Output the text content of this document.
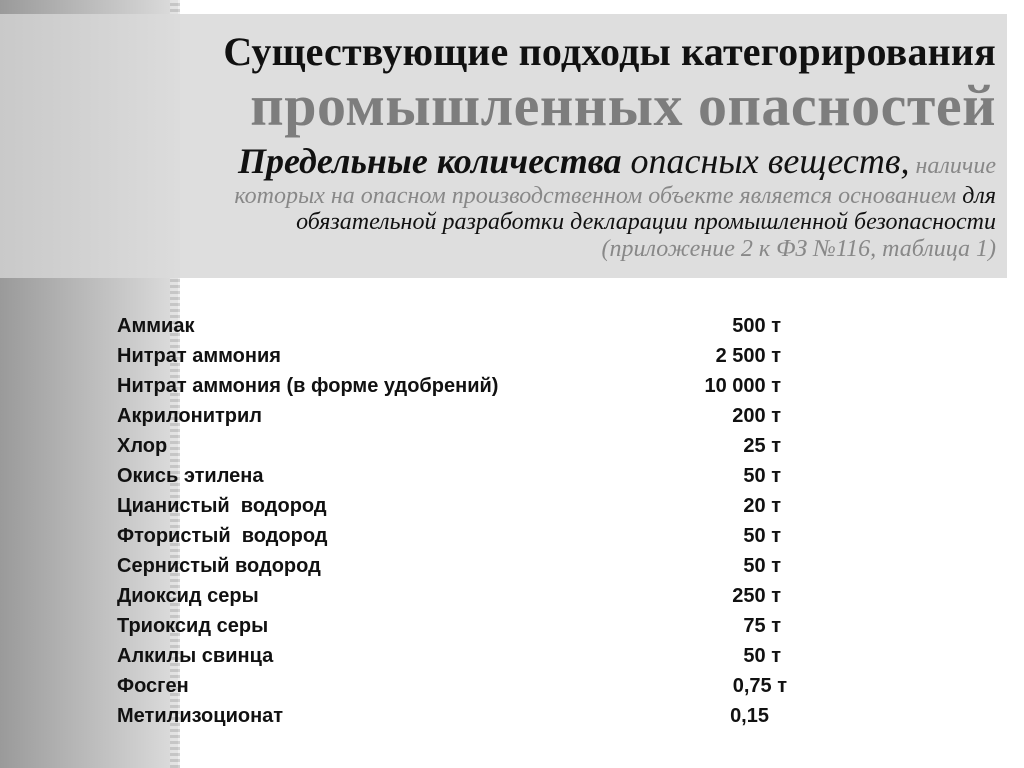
Существующие подходы категорирования
промышленных опасностей
Предельные количества опасных веществ, наличие
которых на опасном производственном объекте является основанием для
обязательной разработки декларации промышленной безопасности
(приложение 2 к ФЗ №116, таблица 1)
Аммиак	500 т
Нитрат аммония	2 500 т
Нитрат аммония (в форме удобрений)	10 000 т
Акрилонитрил	200 т
Хлор	25 т
Окись этилена	50 т
Цианистый  водород	20 т
Фтористый  водород	50 т
Сернистый водород	50 т
Диоксид серы	250 т
Триоксид серы	75 т
Алкилы свинца	50 т
Фосген	0,75 т
Метилизоционат	0,15
